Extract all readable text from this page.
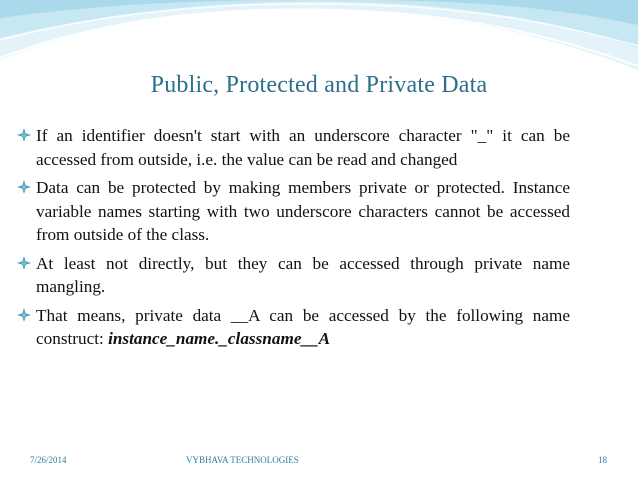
Public, Protected and Private Data
If an identifier doesn't start with an underscore character "_" it can be accessed from outside, i.e. the value can be read and changed
Data can be protected by making members private or protected. Instance variable names starting with two underscore characters cannot be accessed from outside of the class.
At least not directly, but they can be accessed through private name mangling.
That means, private data __A can be accessed by the following name construct: instance_name._classname__A
7/26/2014	VYBHAVA TECHNOLOGIES	18
